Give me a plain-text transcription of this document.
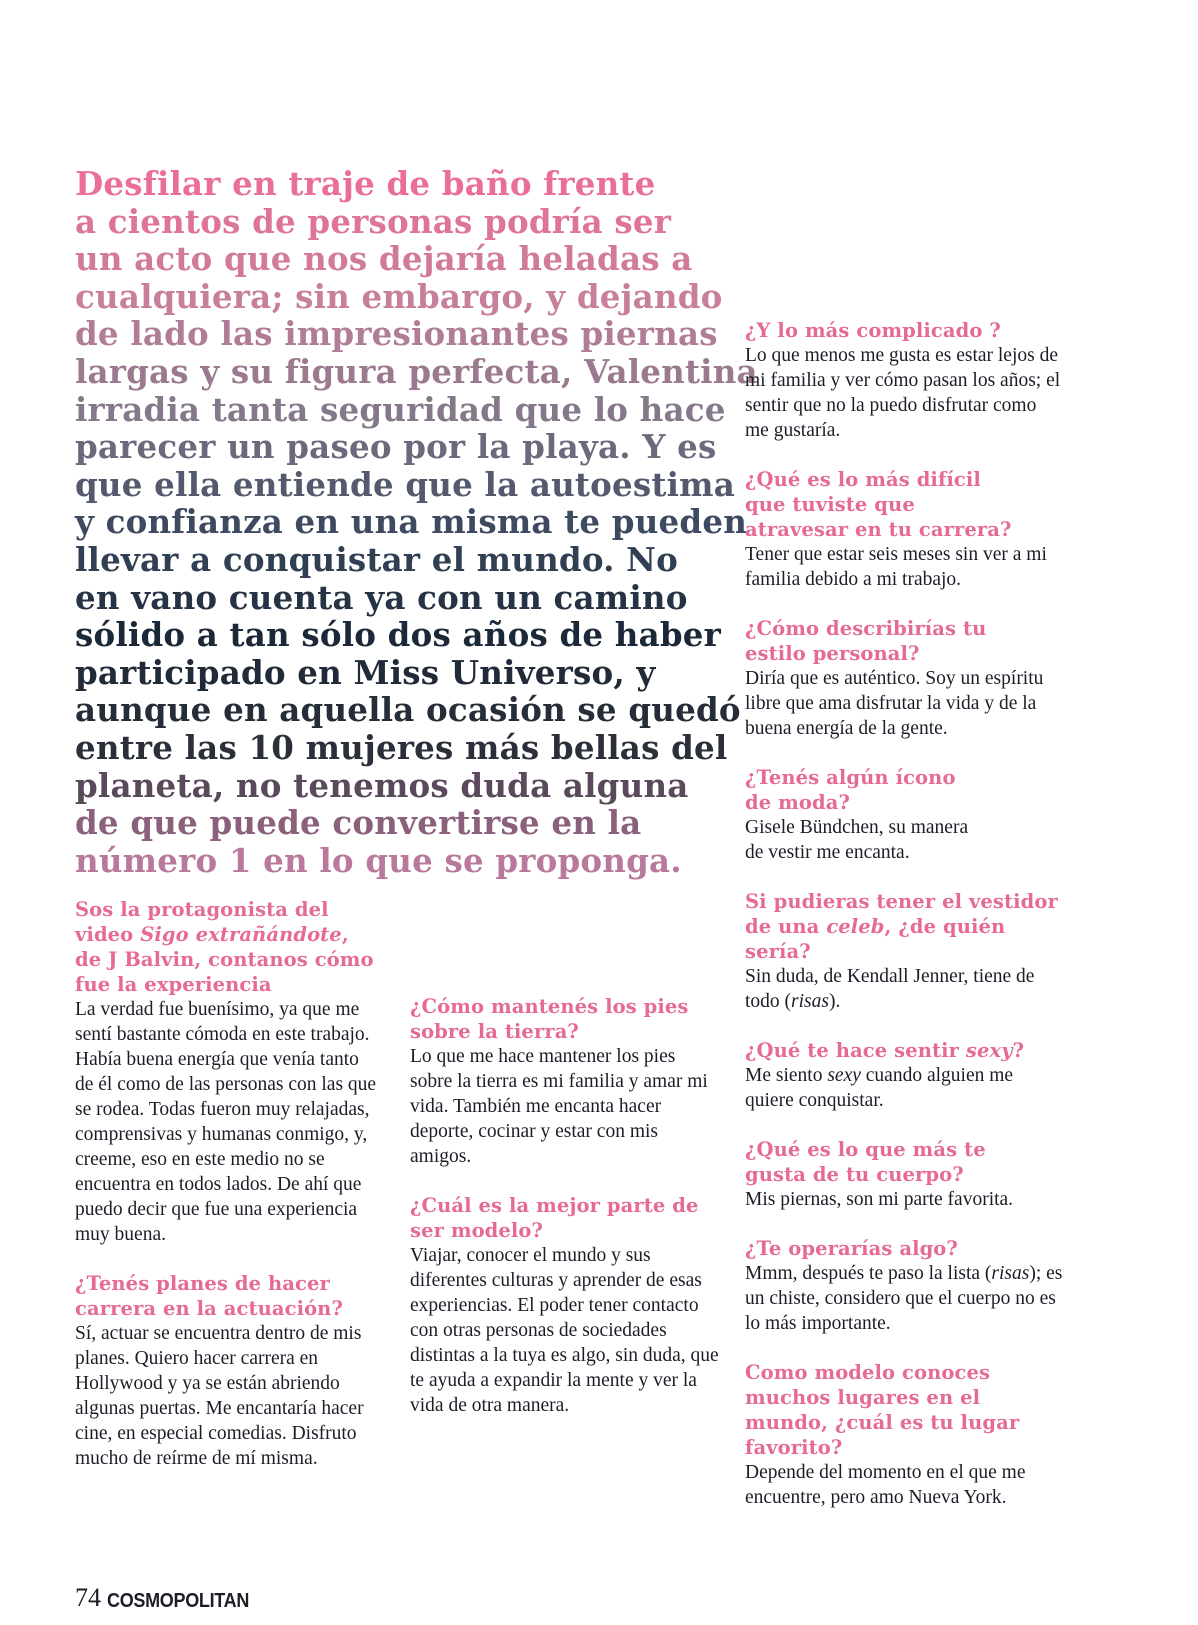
Desfilar en traje de baño frente
a cientos de personas podría ser
un acto que nos dejaría heladas a
cualquiera; sin embargo, y dejando
de lado las impresionantes piernas
largas y su figura perfecta, Valentina
irradia tanta seguridad que lo hace
parecer un paseo por la playa. Y es
que ella entiende que la autoestima
y confianza en una misma te pueden
llevar a conquistar el mundo. No
en vano cuenta ya con un camino
sólido a tan sólo dos años de haber
participado en Miss Universo, y
aunque en aquella ocasión se quedó
entre las 10 mujeres más bellas del
planeta, no tenemos duda alguna
de que puede convertirse en la
número 1 en lo que se proponga.

Sos la protagonista del video Sigo extrañándote, de J Balvin, contanos cómo fue la experiencia

La verdad fue buenísimo, ya que me sentí bastante cómoda en este trabajo. Había buena energía que venía tanto de él como de las personas con las que se rodea. Todas fueron muy relajadas, comprensivas y humanas conmigo, y, creeme, eso en este medio no se encuentra en todos lados. De ahí que puedo decir que fue una experiencia muy buena.

¿Tenés planes de hacer carrera en la actuación?

Sí, actuar se encuentra dentro de mis planes. Quiero hacer carrera en Hollywood y ya se están abriendo algunas puertas. Me encantaría hacer cine, en especial comedias. Disfruto mucho de reírme de mí misma.

¿Cómo mantenés los pies sobre la tierra?

Lo que me hace mantener los pies sobre la tierra es mi familia y amar mi vida. También me encanta hacer deporte, cocinar y estar con mis amigos.

¿Cuál es la mejor parte de ser modelo?

Viajar, conocer el mundo y sus diferentes culturas y aprender de esas experiencias. El poder tener contacto con otras personas de sociedades distintas a la tuya es algo, sin duda, que te ayuda a expandir la mente y ver la vida de otra manera.

¿Y lo más complicado ?

Lo que menos me gusta es estar lejos de mi familia y ver cómo pasan los años; el sentir que no la puedo disfrutar como me gustaría.

¿Qué es lo más difícil que tuviste que atravesar en tu carrera?

Tener que estar seis meses sin ver a mi familia debido a mi trabajo.

¿Cómo describirías tu estilo personal?

Diría que es auténtico. Soy un espíritu libre que ama disfrutar la vida y de la buena energía de la gente.

¿Tenés algún ícono de moda?

Gisele Bündchen, su manera de vestir me encanta.

Si pudieras tener el vestidor de una celeb, ¿de quién sería?

Sin duda, de Kendall Jenner, tiene de todo (risas).

¿Qué te hace sentir sexy?

Me siento sexy cuando alguien me quiere conquistar.

¿Qué es lo que más te gusta de tu cuerpo?

Mis piernas, son mi parte favorita.

¿Te operarías algo?

Mmm, después te paso la lista (risas); es un chiste, considero que el cuerpo no es lo más importante.

Como modelo conoces muchos lugares en el mundo, ¿cuál es tu lugar favorito?

Depende del momento en el que me encuentre, pero amo Nueva York.

74 COSMOPOLITAN
